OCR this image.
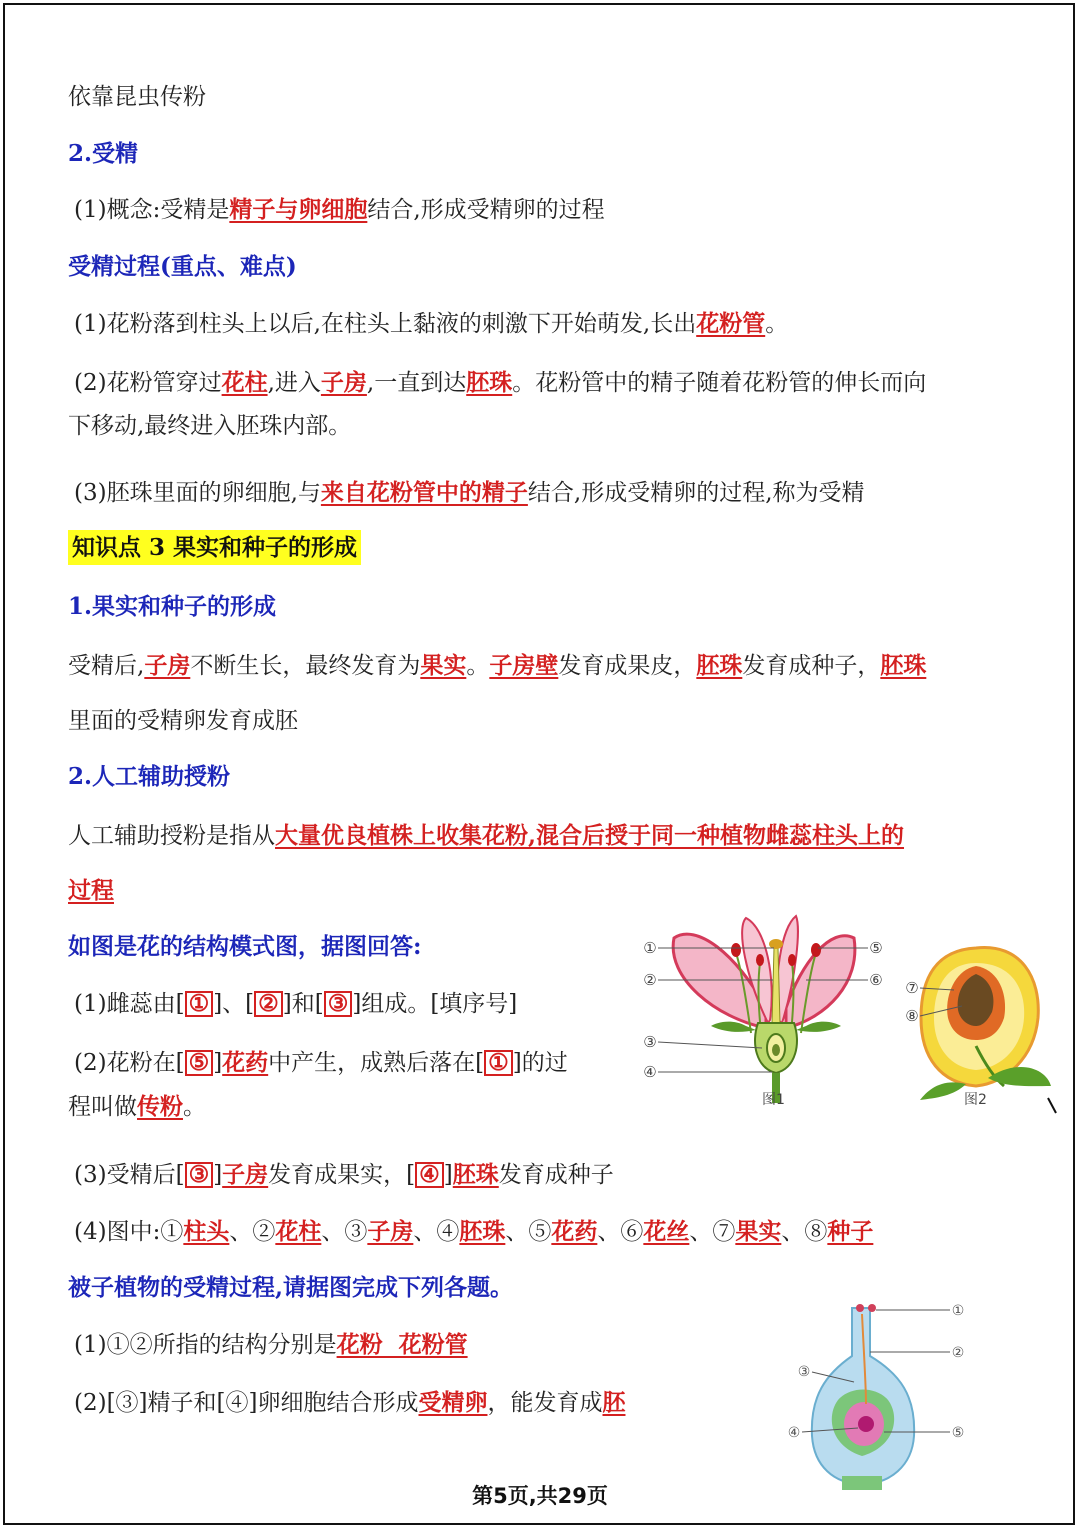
依靠昆虫传粉
2.受精
(1)概念:受精是精子与卵细胞结合,形成受精卵的过程
受精过程(重点、难点)
(1)花粉落到柱头上以后,在柱头上黏液的刺激下开始萌发,长出花粉管。
(2)花粉管穿过花柱,进入子房,一直到达胚珠。花粉管中的精子随着花粉管的伸长而向
下移动,最终进入胚珠内部。
(3)胚珠里面的卵细胞,与来自花粉管中的精子结合,形成受精卵的过程,称为受精
知识点 3 果实和种子的形成
1.果实和种子的形成
受精后,子房不断生长，最终发育为果实。子房壁发育成果皮，胚珠发育成种子，胚珠
里面的受精卵发育成胚
2.人工辅助授粉
人工辅助授粉是指从大量优良植株上收集花粉,混合后授于同一种植物雌蕊柱头上的
过程
如图是花的结构模式图，据图回答:
(1)雌蕊由[ ① ]、[ ② ]和[ ③ ]组成。[填序号]
(2)花粉在[ ⑤ ]花药中产生，成熟后落在[ ① ]的过
程叫做传粉。
(3)受精后[ ③ ]子房发育成果实，[ ④ ]胚珠发育成种子
(4)图中:①柱头、②花柱、③子房、④胚珠、⑤花药、⑥花丝、⑦果实、⑧种子
被子植物的受精过程,请据图完成下列各题。
(1)①②所指的结构分别是花粉  花粉管
(2)[③]精子和[④]卵细胞结合形成受精卵，能发育成胚
①
②
③
④
⑤
⑥
图1
⑦
⑧
图2
①
②
③
④	⑤
第5页,共29页
